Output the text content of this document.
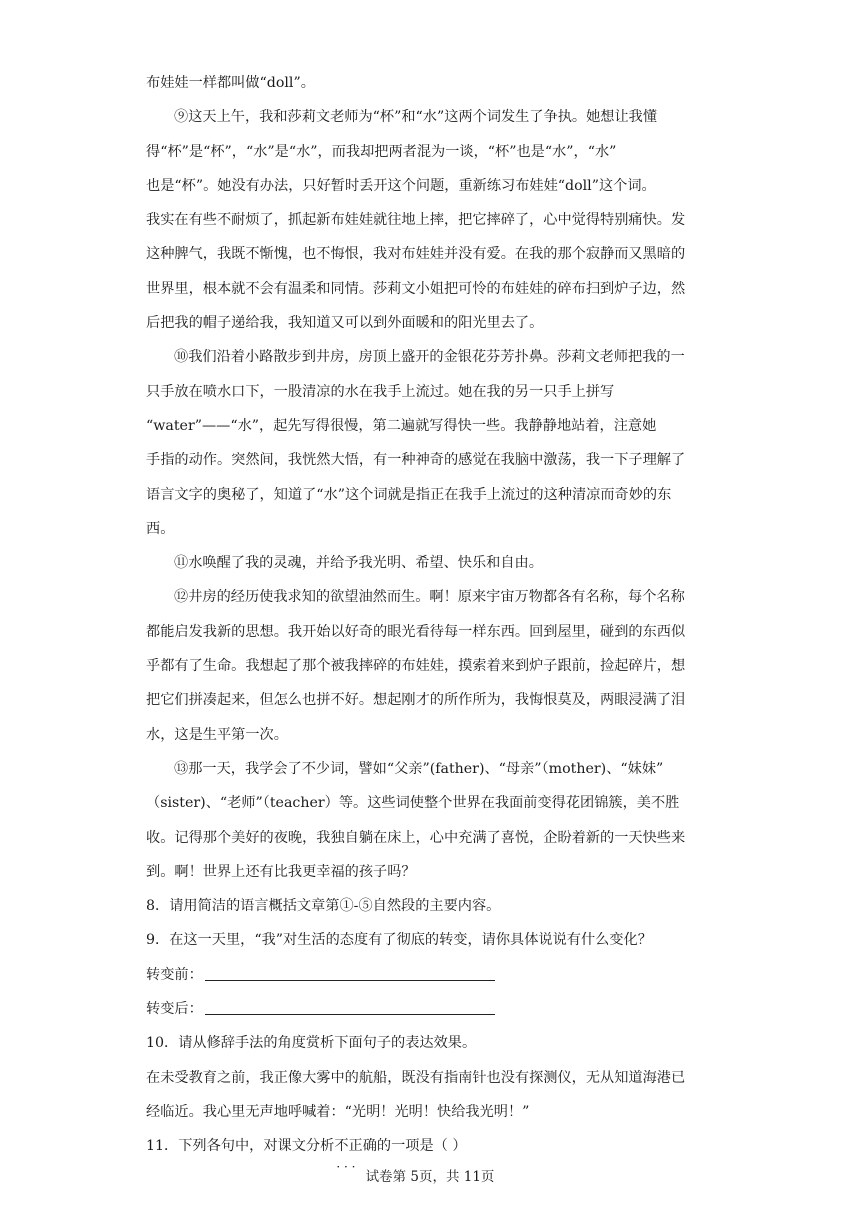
布娃娃一样都叫做“doll”。
⑨这天上午，我和莎莉文老师为“杯”和“水”这两个词发生了争执。她想让我懂
得“杯”是“杯”，“水”是“水”，而我却把两者混为一谈，“杯”也是“水”，“水”
也是“杯”。她没有办法，只好暂时丢开这个问题，重新练习布娃娃“doll”这个词。
我实在有些不耐烦了，抓起新布娃娃就往地上摔，把它摔碎了，心中觉得特别痛快。发
这种脾气，我既不惭愧，也不悔恨，我对布娃娃并没有爱。在我的那个寂静而又黑暗的
世界里，根本就不会有温柔和同情。莎莉文小姐把可怜的布娃娃的碎布扫到炉子边，然
后把我的帽子递给我，我知道又可以到外面暖和的阳光里去了。
⑩我们沿着小路散步到井房，房顶上盛开的金银花芬芳扑鼻。莎莉文老师把我的一
只手放在喷水口下，一股清凉的水在我手上流过。她在我的另一只手上拼写
“water”——“水”，起先写得很慢，第二遍就写得快一些。我静静地站着，注意她
手指的动作。突然间，我恍然大悟，有一种神奇的感觉在我脑中激荡，我一下子理解了
语言文字的奥秘了，知道了“水”这个词就是指正在我手上流过的这种清凉而奇妙的东
西。
⑪水唤醒了我的灵魂，并给予我光明、希望、快乐和自由。
⑫井房的经历使我求知的欲望油然而生。啊！原来宇宙万物都各有名称，每个名称
都能启发我新的思想。我开始以好奇的眼光看待每一样东西。回到屋里，碰到的东西似
乎都有了生命。我想起了那个被我摔碎的布娃娃，摸索着来到炉子跟前，捡起碎片，想
把它们拼凑起来，但怎么也拼不好。想起刚才的所作所为，我悔恨莫及，两眼浸满了泪
水，这是生平第一次。
⑬那一天，我学会了不少词，譬如“父亲”(father)、“母亲”（mother)、“妹妹”
（sister)、“老师”（teacher）等。这些词使整个世界在我面前变得花团锦簇，美不胜
收。记得那个美好的夜晚，我独自躺在床上，心中充满了喜悦，企盼着新的一天快些来
到。啊！世界上还有比我更幸福的孩子吗？
8．请用简洁的语言概括文章第①-⑤自然段的主要内容。
9．在这一天里，“我”对生活的态度有了彻底的转变，请你具体说说有什么变化？
转变前：
转变后：
10．请从修辞手法的角度赏析下面句子的表达效果。
在未受教育之前，我正像大雾中的航船，既没有指南针也没有探测仪，无从知道海港已
经临近。我心里无声地呼喊着：“光明！光明！快给我光明！”
11．下列各句中，对课文分析不正确 · · ·的一项是（ ）
试卷第 5页，共 11页
